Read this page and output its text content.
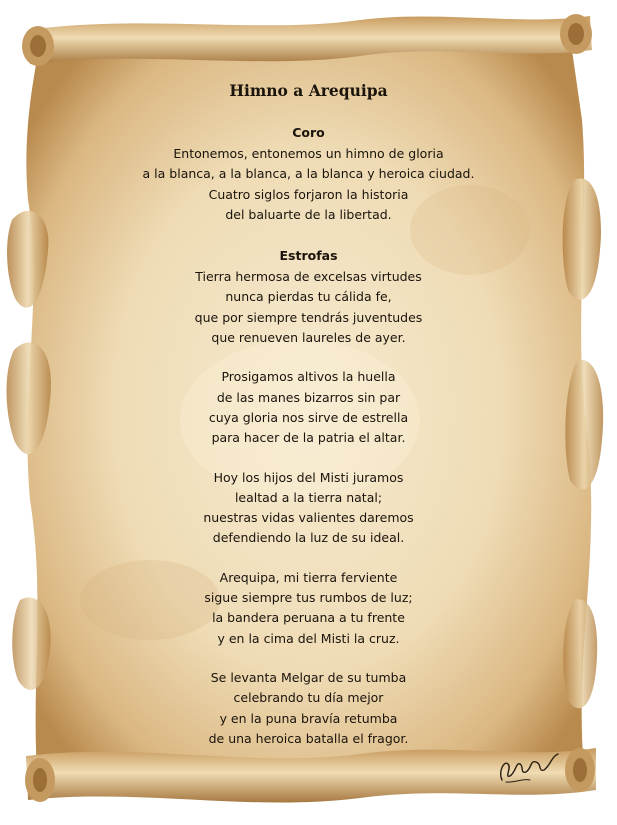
Himno a Arequipa
Coro
Entonemos, entonemos un himno de gloria
a la blanca, a la blanca, a la blanca y heroica ciudad.
Cuatro siglos forjaron la historia
del baluarte de la libertad.
Estrofas
Tierra hermosa de excelsas virtudes
nunca pierdas tu cálida fe,
que por siempre tendrás juventudes
que renueven laureles de ayer.
Prosigamos altivos la huella
de las manes bizarros sin par
cuya gloria nos sirve de estrella
para hacer de la patria el altar.
Hoy los hijos del Misti juramos
lealtad a la tierra natal;
nuestras vidas valientes daremos
defendiendo la luz de su ideal.
Arequipa, mi tierra ferviente
sigue siempre tus rumbos de luz;
la bandera peruana a tu frente
y en la cima del Misti la cruz.
Se levanta Melgar de su tumba
celebrando tu día mejor
y en la puna bravía retumba
de una heroica batalla el fragor.
